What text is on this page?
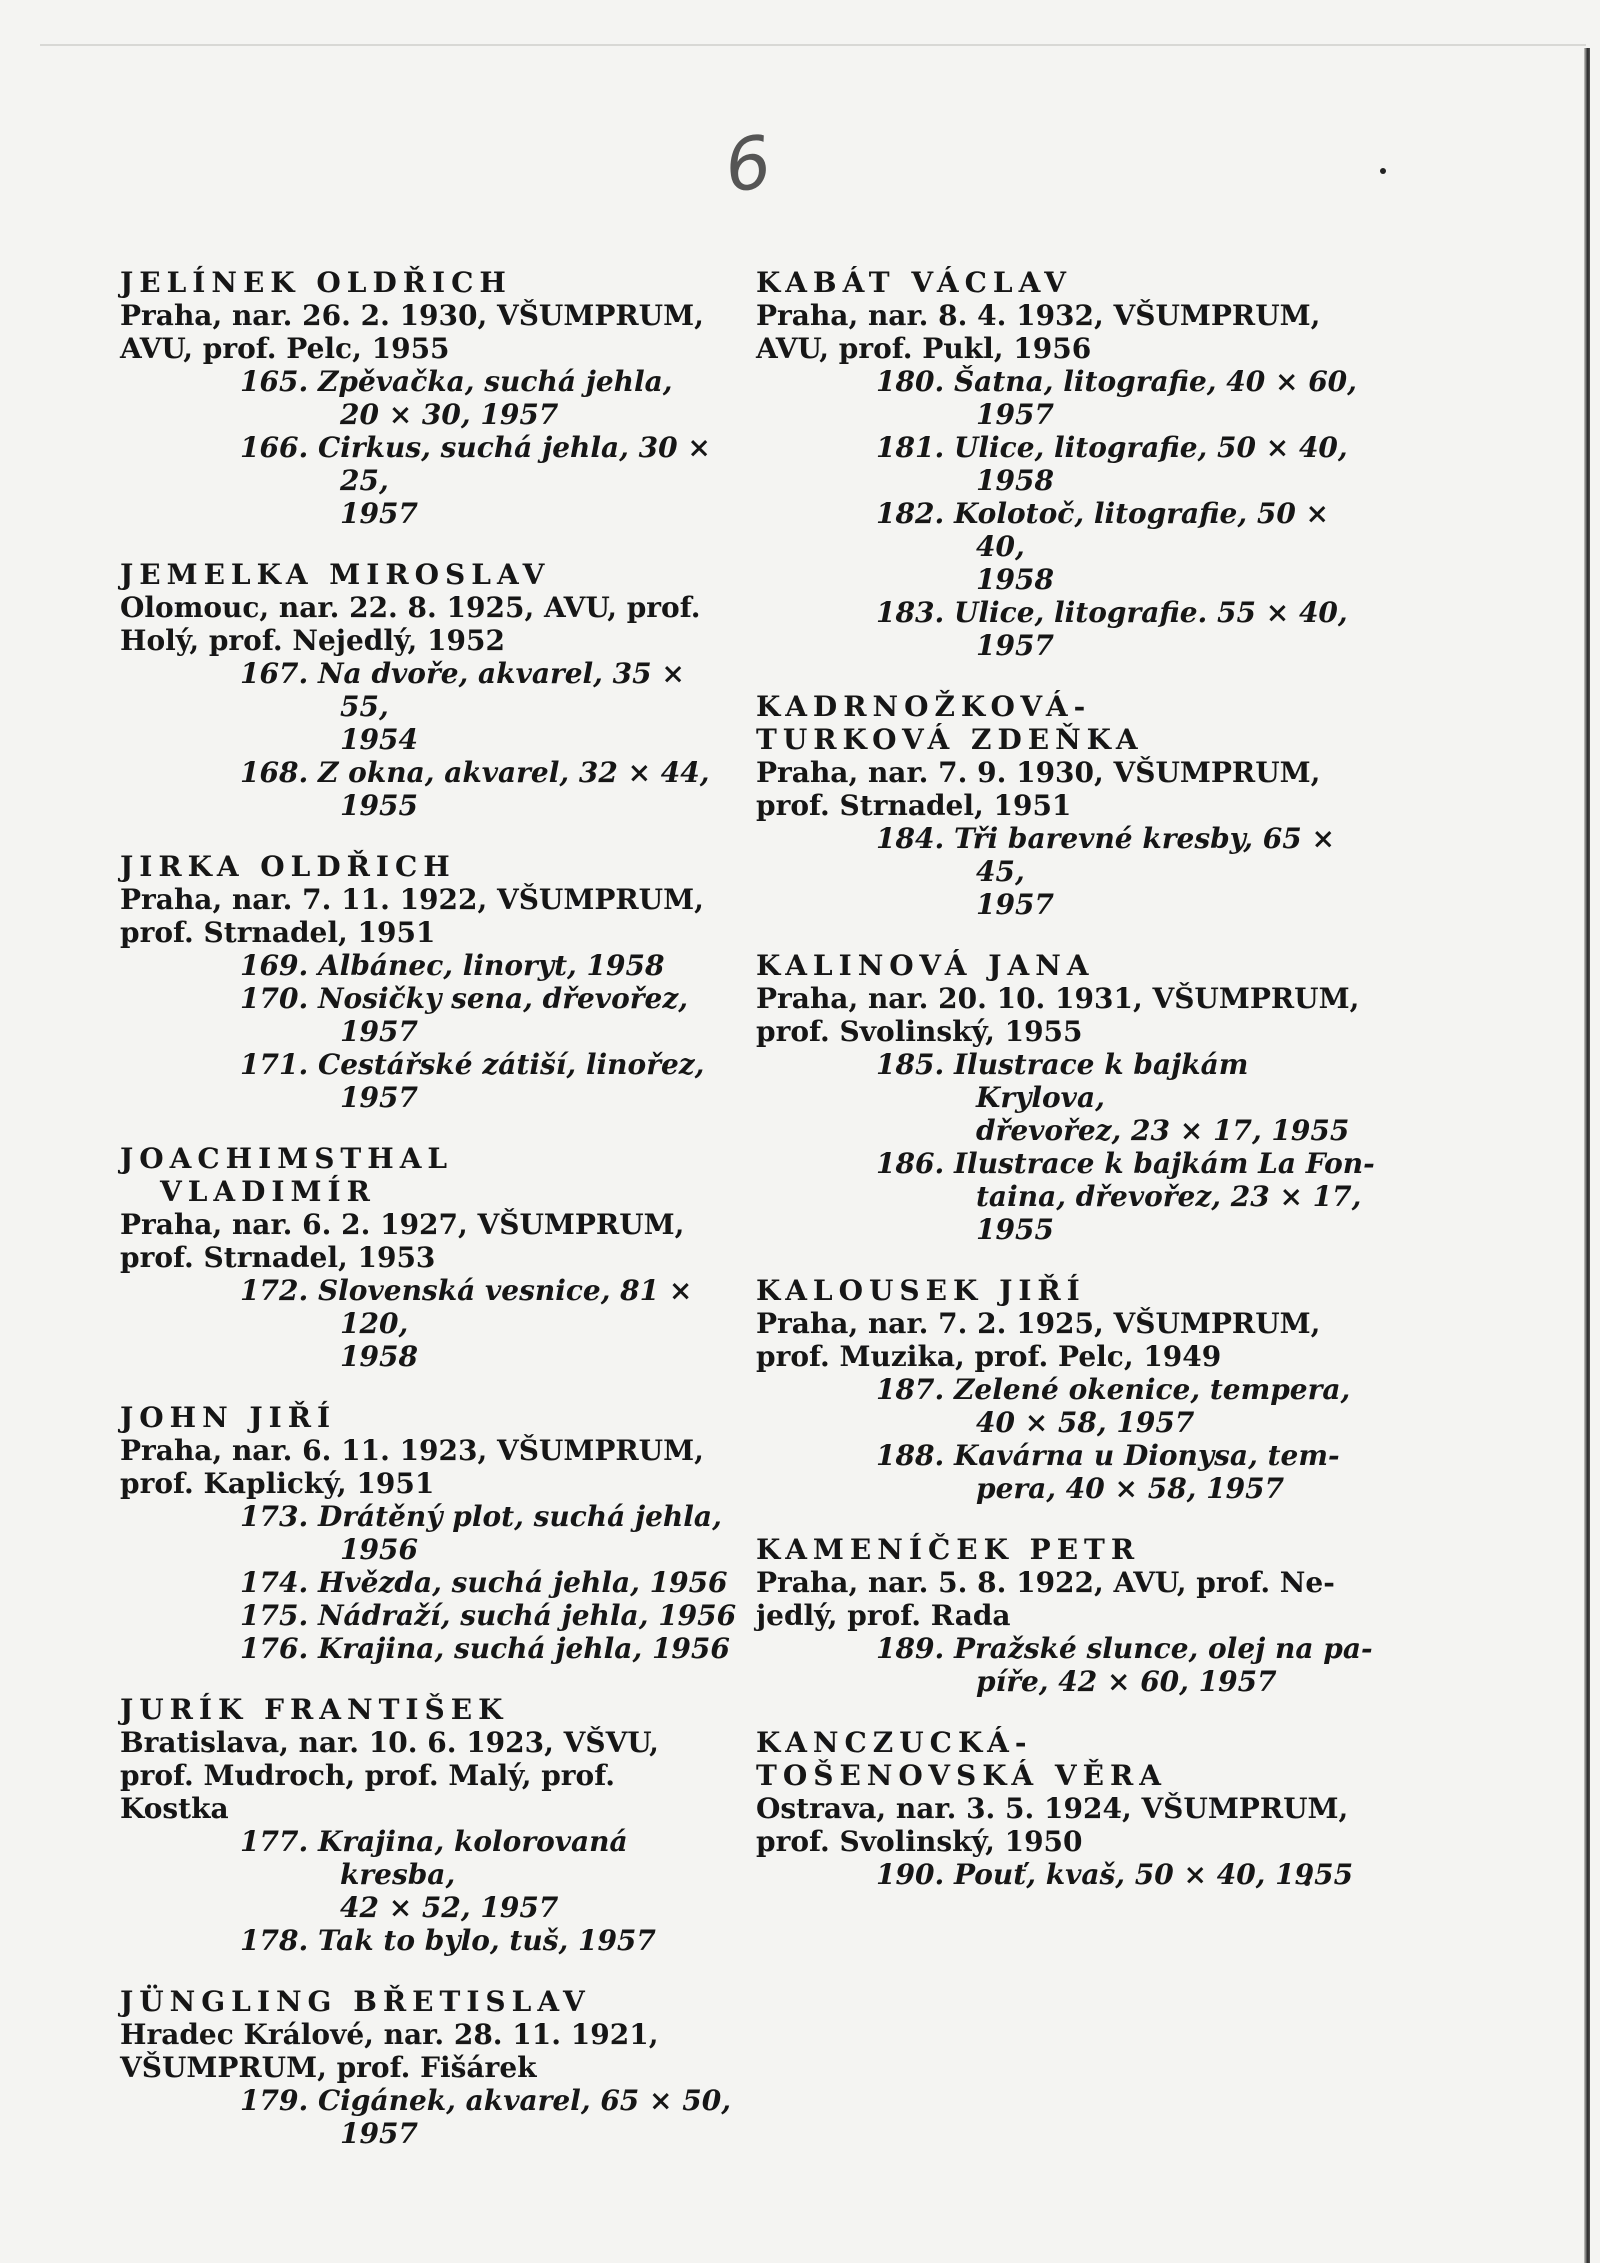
6
JELÍNEK OLDŘICH
Praha, nar. 26. 2. 1930, VŠUMPRUM,
AVU, prof. Pelc, 1955
165. Zpěvačka, suchá jehla,
20 × 30, 1957
166. Cirkus, suchá jehla, 30 × 25,
1957
JEMELKA MIROSLAV
Olomouc, nar. 22. 8. 1925, AVU, prof.
Holý, prof. Nejedlý, 1952
167. Na dvoře, akvarel, 35 × 55,
1954
168. Z okna, akvarel, 32 × 44,
1955
JIRKA OLDŘICH
Praha, nar. 7. 11. 1922, VŠUMPRUM,
prof. Strnadel, 1951
169. Albánec, linoryt, 1958
170. Nosičky sena, dřevořez, 1957
171. Cestářské zátiší, linořez, 1957
JOACHIMSTHAL
VLADIMÍR
Praha, nar. 6. 2. 1927, VŠUMPRUM,
prof. Strnadel, 1953
172. Slovenská vesnice, 81 × 120,
1958
JOHN JIŘÍ
Praha, nar. 6. 11. 1923, VŠUMPRUM,
prof. Kaplický, 1951
173. Drátěný plot, suchá jehla,
1956
174. Hvězda, suchá jehla, 1956
175. Nádraží, suchá jehla, 1956
176. Krajina, suchá jehla, 1956
JURÍK FRANTIŠEK
Bratislava, nar. 10. 6. 1923, VŠVU,
prof. Mudroch, prof. Malý, prof.
Kostka
177. Krajina, kolorovaná kresba,
42 × 52, 1957
178. Tak to bylo, tuš, 1957
JÜNGLING BŘETISLAV
Hradec Králové, nar. 28. 11. 1921,
VŠUMPRUM, prof. Fišárek
179. Cigánek, akvarel, 65 × 50,
1957
KABÁT VÁCLAV
Praha, nar. 8. 4. 1932, VŠUMPRUM,
AVU, prof. Pukl, 1956
180. Šatna, litografie, 40 × 60,
1957
181. Ulice, litografie, 50 × 40,
1958
182. Kolotoč, litografie, 50 × 40,
1958
183. Ulice, litografie. 55 × 40,
1957
KADRNOŽKOVÁ-
TURKOVÁ ZDEŇKA
Praha, nar. 7. 9. 1930, VŠUMPRUM,
prof. Strnadel, 1951
184. Tři barevné kresby, 65 × 45,
1957
KALINOVÁ JANA
Praha, nar. 20. 10. 1931, VŠUMPRUM,
prof. Svolinský, 1955
185. Ilustrace k bajkám Krylova,
dřevořez, 23 × 17, 1955
186. Ilustrace k bajkám La Fon-
taina, dřevořez, 23 × 17,
1955
KALOUSEK JIŘÍ
Praha, nar. 7. 2. 1925, VŠUMPRUM,
prof. Muzika, prof. Pelc, 1949
187. Zelené okenice, tempera,
40 × 58, 1957
188. Kavárna u Dionysa, tem-
pera, 40 × 58, 1957
KAMENÍČEK PETR
Praha, nar. 5. 8. 1922, AVU, prof. Ne-
jedlý, prof. Rada
189. Pražské slunce, olej na pa-
píře, 42 × 60, 1957
KANCZUCKÁ-
TOŠENOVSKÁ VĚRA
Ostrava, nar. 3. 5. 1924, VŠUMPRUM,
prof. Svolinský, 1950
190. Pouť, kvaš, 50 × 40, 1955
